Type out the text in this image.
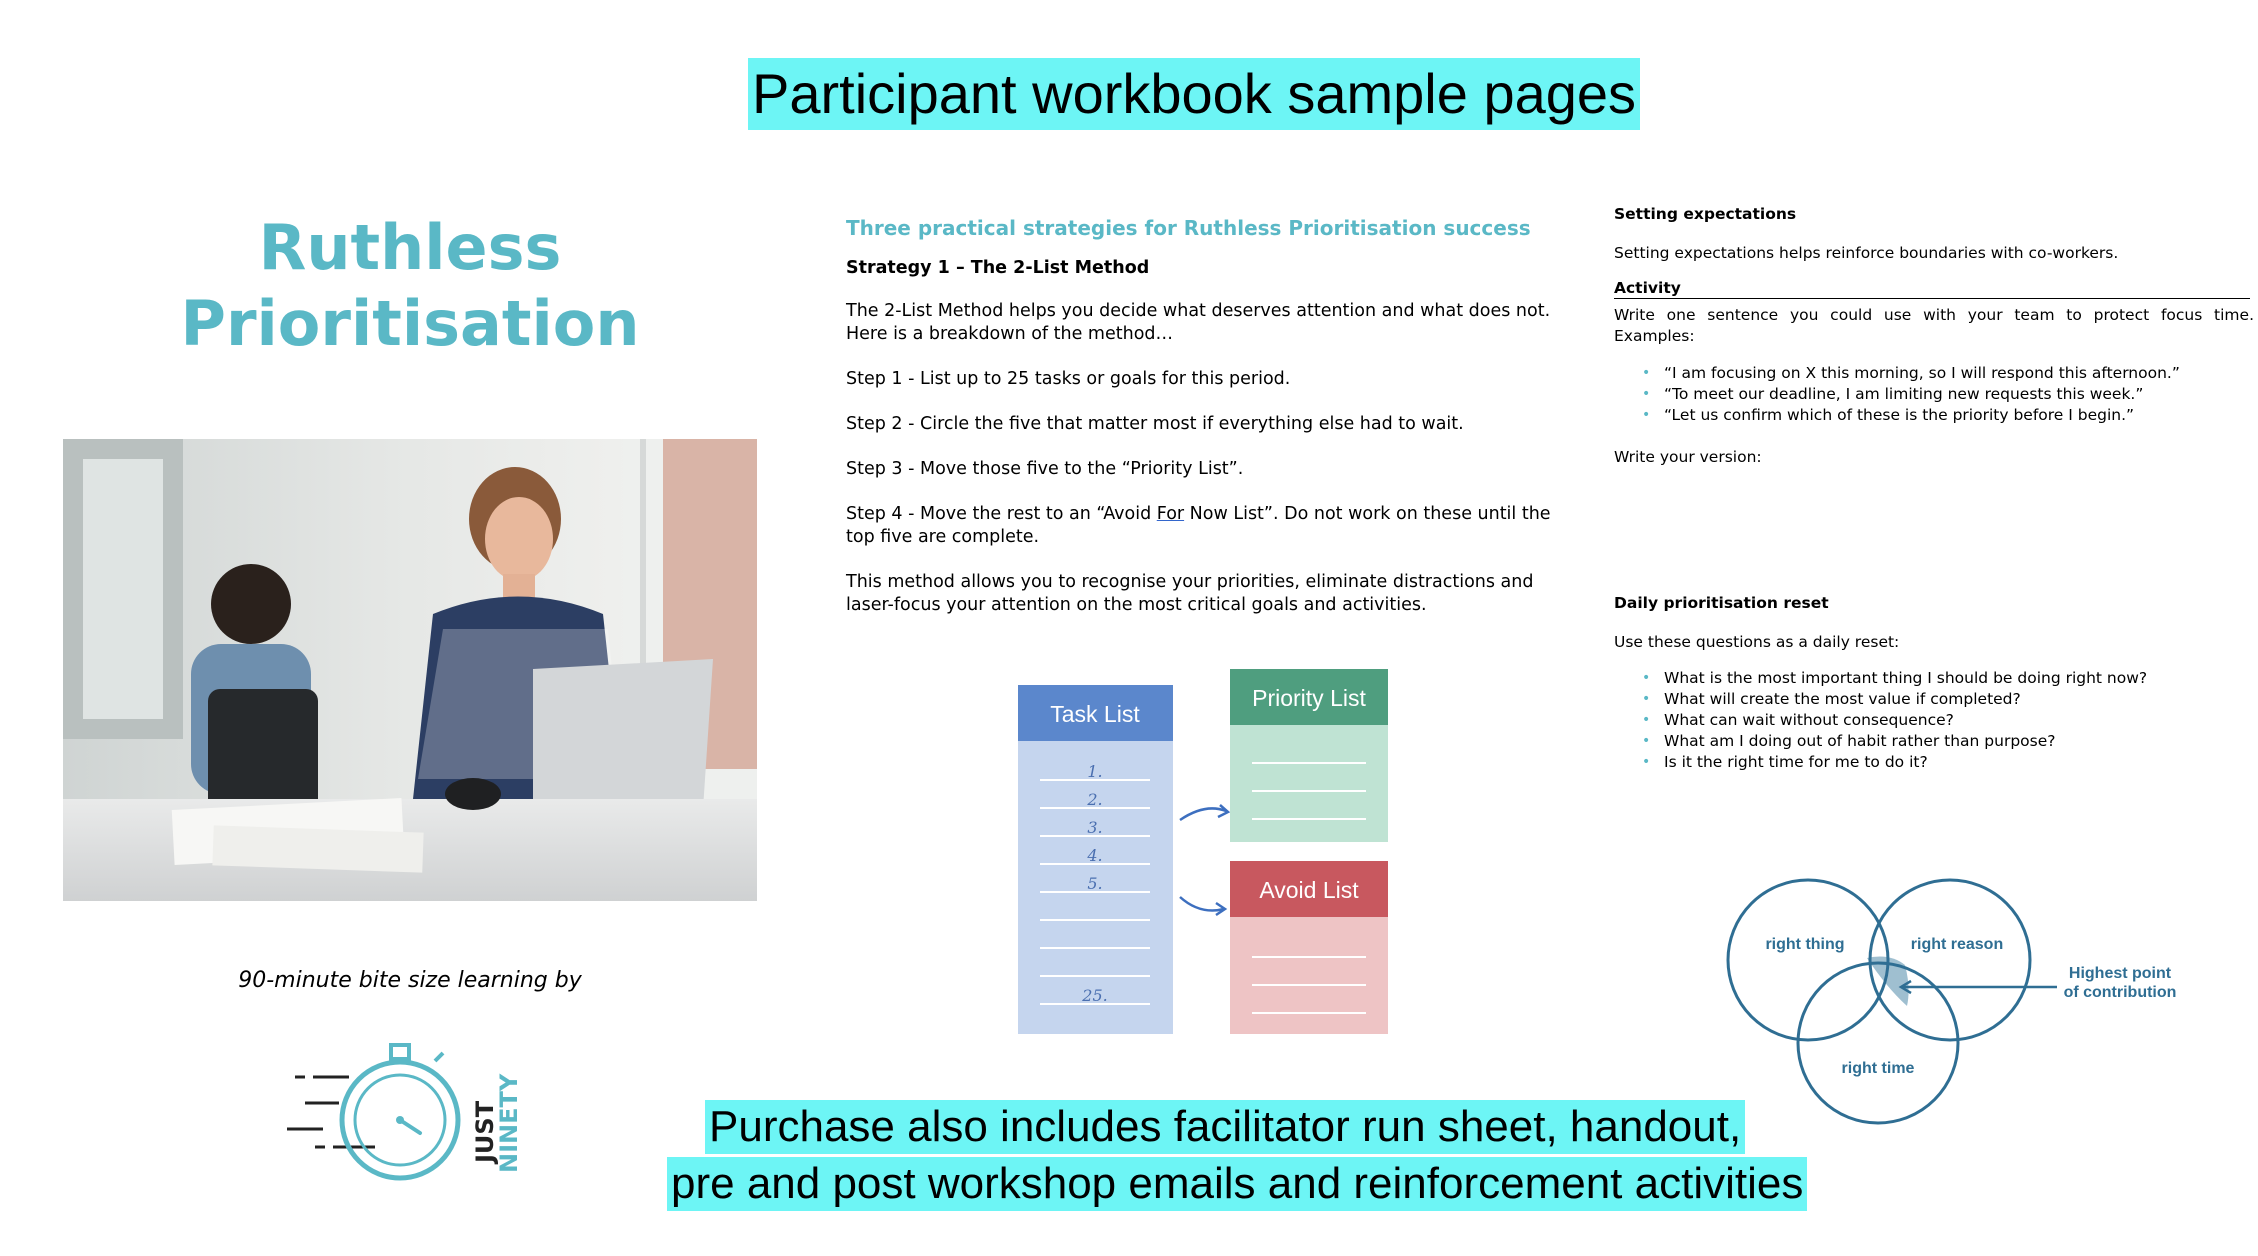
Participant workbook sample pages
Ruthless
Prioritisation
90-minute bite size learning by
JUST
NINETY
Three practical strategies for Ruthless Prioritisation success
Strategy 1 – The 2-List Method
The 2-List Method helps you decide what deserves attention and what does not. Here is a breakdown of the method…
Step 1 - List up to 25 tasks or goals for this period.
Step 2 - Circle the five that matter most if everything else had to wait.
Step 3 - Move those five to the “Priority List”.
Step 4 - Move the rest to an “Avoid For Now List”. Do not work on these until the top five are complete.
This method allows you to recognise your priorities, eliminate distractions and laser-focus your attention on the most critical goals and activities.
Task List
1.
2.
3.
4.
5.
25.
Priority List
Avoid List
Setting expectations
Setting expectations helps reinforce boundaries with co-workers.
Activity
Write one sentence you could use with your team to protect focus time. Examples:
• “I am focusing on X this morning, so I will respond this afternoon.”
• “To meet our deadline, I am limiting new requests this week.”
• “Let us confirm which of these is the priority before I begin.”
Write your version:
Daily prioritisation reset
Use these questions as a daily reset:
• What is the most important thing I should be doing right now?
• What will create the most value if completed?
• What can wait without consequence?
• What am I doing out of habit rather than purpose?
• Is it the right time for me to do it?
right thing	right reason
right time
Highest point
of contribution
Purchase also includes facilitator run sheet, handout,
pre and post workshop emails and reinforcement activities
